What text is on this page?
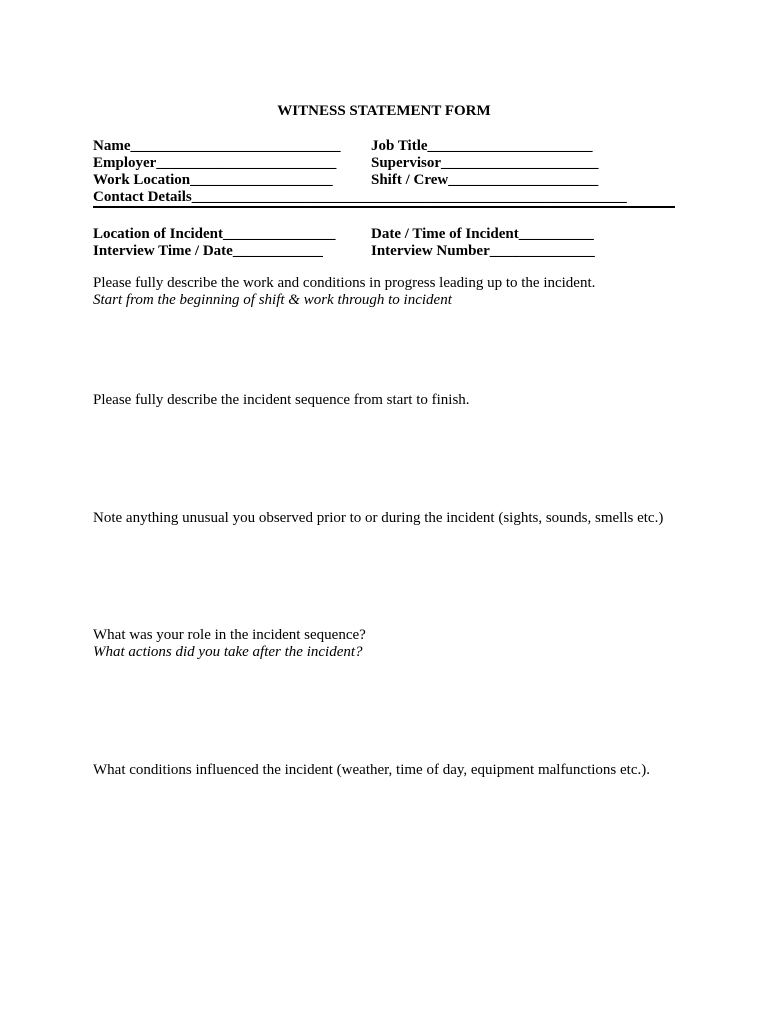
WITNESS STATEMENT FORM
Name____________________________	Job Title______________________
Employer________________________	Supervisor_____________________
Work Location___________________	Shift / Crew____________________
Contact Details__________________________________________________________
Location of Incident_______________	Date / Time of Incident__________
Interview Time / Date____________	Interview Number______________
Please fully describe the work and conditions in progress leading up to the incident.
Start from the beginning of shift & work through to incident
Please fully describe the incident sequence from start to finish.
Note anything unusual you observed prior to or during the incident (sights, sounds, smells etc.)
What was your role in the incident sequence?
What actions did you take after the incident?
What conditions influenced the incident (weather, time of day, equipment malfunctions etc.).
